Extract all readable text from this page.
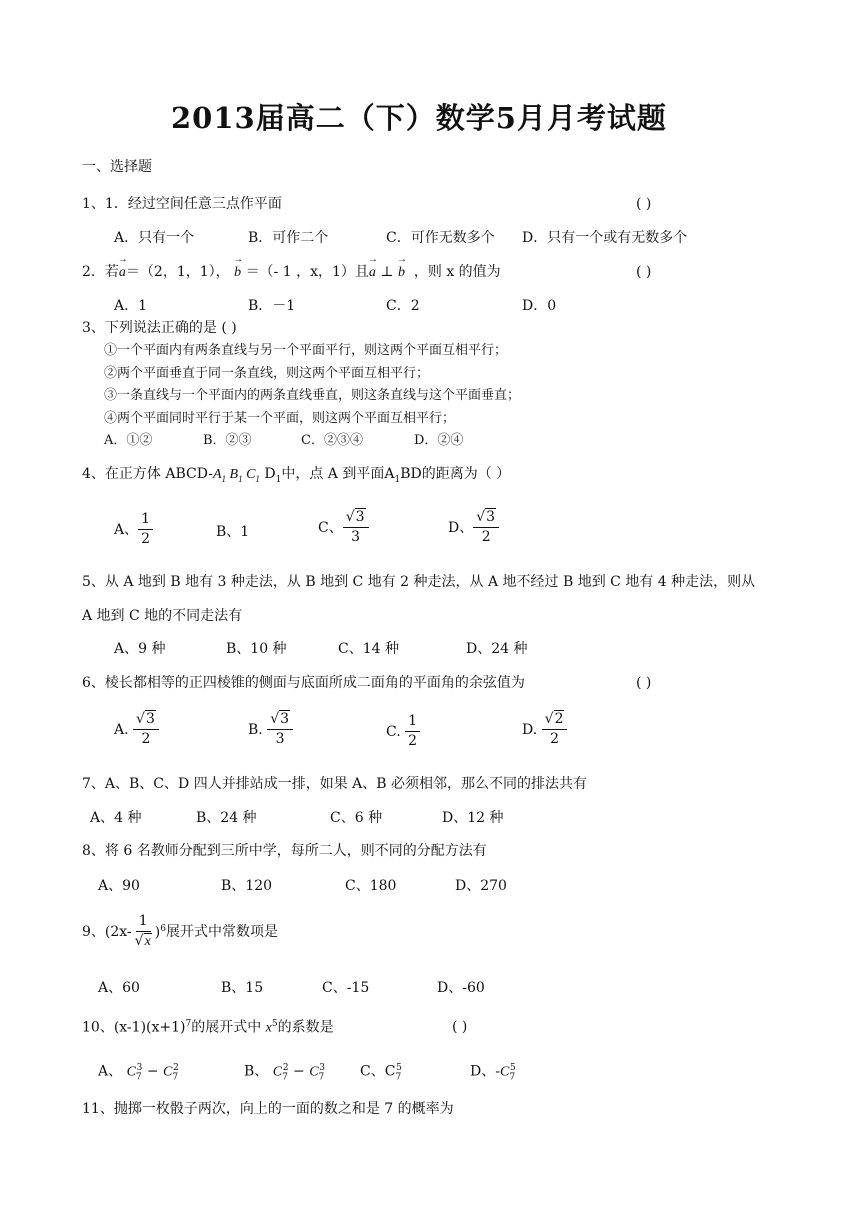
2013届高二（下）数学5月月考试题
一、选择题
1、1．经过空间任意三点作平面	( )
A．只有一个	B．可作二个	C．可作无数多个 D．只有一个或有无数多个
2．若→ a＝（2，1，1）， → b ＝（- 1 ，x，1）且→ a ⊥ → b ，则 x 的值为	( )
A．1	B．－1	C．2	D．0
3、下列说法正确的是 ( )
①一个平面内有两条直线与另一个平面平行，则这两个平面互相平行；
②两个平面垂直于同一条直线，则这两个平面互相平行；
③一条直线与一个平面内的两条直线垂直，则这条直线与这个平面垂直；
④两个平面同时平行于某一个平面，则这两个平面互相平行；
A．①②	B．②③	C．②③④	D．②④
4、在正方体 ABCD-$A_1$ $B_1$ $C_1$ $D_1$中，点 A 到平面$A_1BD$的距离为（ ）
A、 $\frac{1}{2}$	B、1	C、 $\frac{√3}{3}$	D、 $\frac{√3}{2}$
5、从 A 地到 B 地有 3 种走法，从 B 地到 C 地有 2 种走法，从 A 地不经过 B 地到 C 地有 4 种走法，则从
A 地到 C 地的不同走法有
A、9 种	B、10 种	C、14 种	D、24 种
6、棱长都相等的正四棱锥的侧面与底面所成二面角的平面角的余弦值为	( )
A.
$\frac{√3}{2}$	B.
$\frac{√3}{3}$	C.
$\frac{1}{2}$	D.
$\frac{√2}{2}$
7、A、B、C、D 四人并排站成一排，如果 A、B 必须相邻，那么不同的排法共有
A、4 种	B、24 种	C、6 种	D、12 种
8、将 6 名教师分配到三所中学，每所二人，则不同的分配方法有
A、90	B、120	C、180	D、270
9、$(2x- \frac{1}{√x} )^6$ 展开式中常数项是
A、60	B、15	C、-15	D、-60
10、$(x-1)(x+1)^7$的展开式中 $x^5$的系数是	( )
A、 $C_7^3 - C_7^2$	B、 $C_7^2 - C_7^3$ C、$C_7^5$	D、$-C_7^5$
11、抛掷一枚骰子两次，向上的一面的数之和是 7 的概率为
